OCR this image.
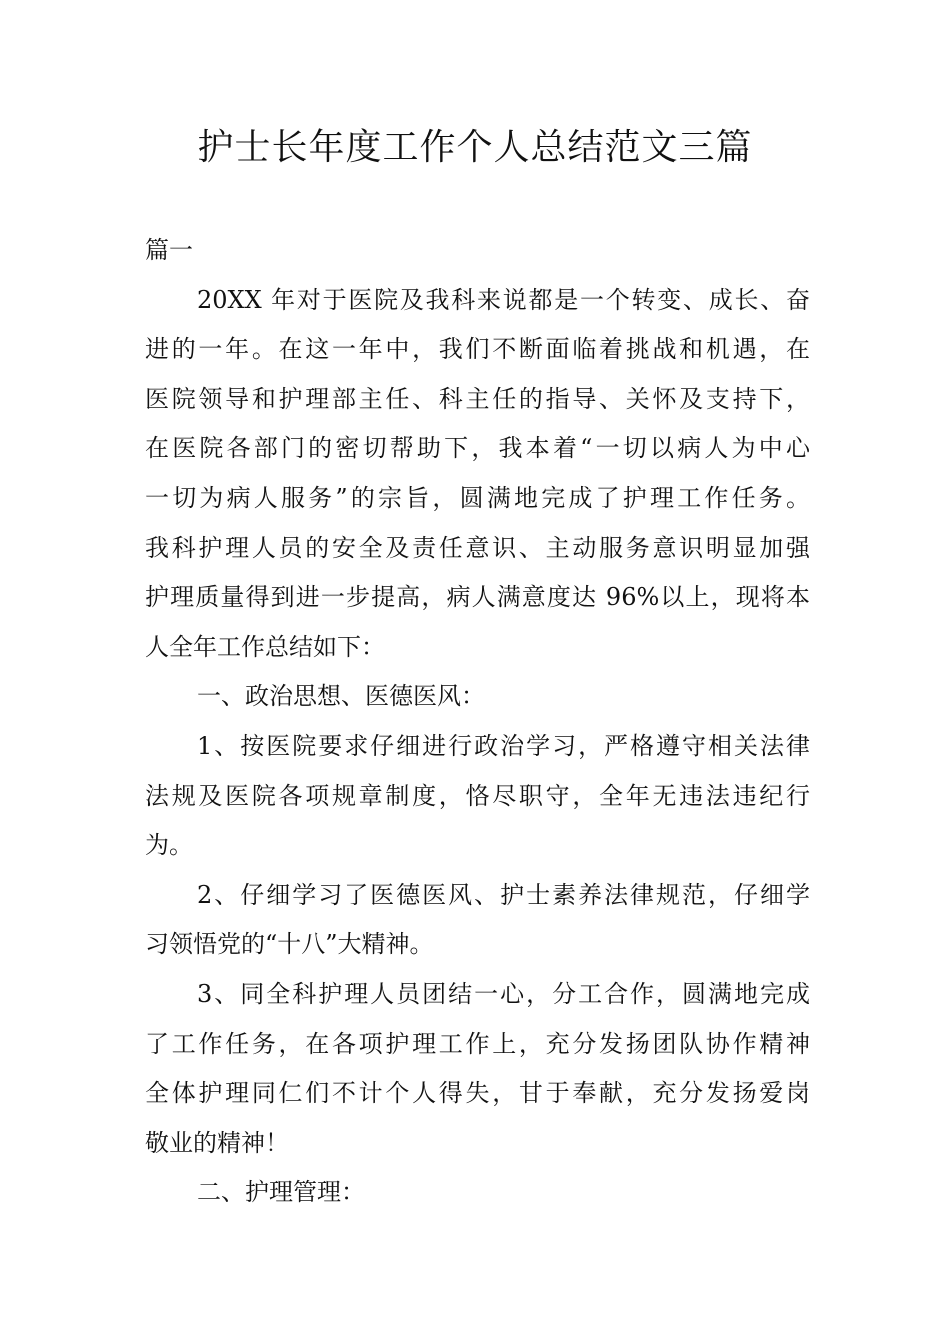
护士长年度工作个人总结范文三篇
篇一
20XX 年对于医院及我科来说都是一个转变、成长、奋
进的一年。在这一年中，我们不断面临着挑战和机遇，在
医院领导和护理部主任、科主任的指导、关怀及支持下，
在医院各部门的密切帮助下，我本着“一切以病人为中心
一切为病人服务”的宗旨，圆满地完成了护理工作任务。
我科护理人员的安全及责任意识、主动服务意识明显加强
护理质量得到进一步提高，病人满意度达 96%以上，现将本
人全年工作总结如下：
一、政治思想、医德医风：
1、按医院要求仔细进行政治学习，严格遵守相关法律
法规及医院各项规章制度，恪尽职守，全年无违法违纪行
为。
2、仔细学习了医德医风、护士素养法律规范，仔细学
习领悟党的“十八”大精神。
3、同全科护理人员团结一心，分工合作，圆满地完成
了工作任务，在各项护理工作上，充分发扬团队协作精神
全体护理同仁们不计个人得失，甘于奉献，充分发扬爱岗
敬业的精神！
二、护理管理：
